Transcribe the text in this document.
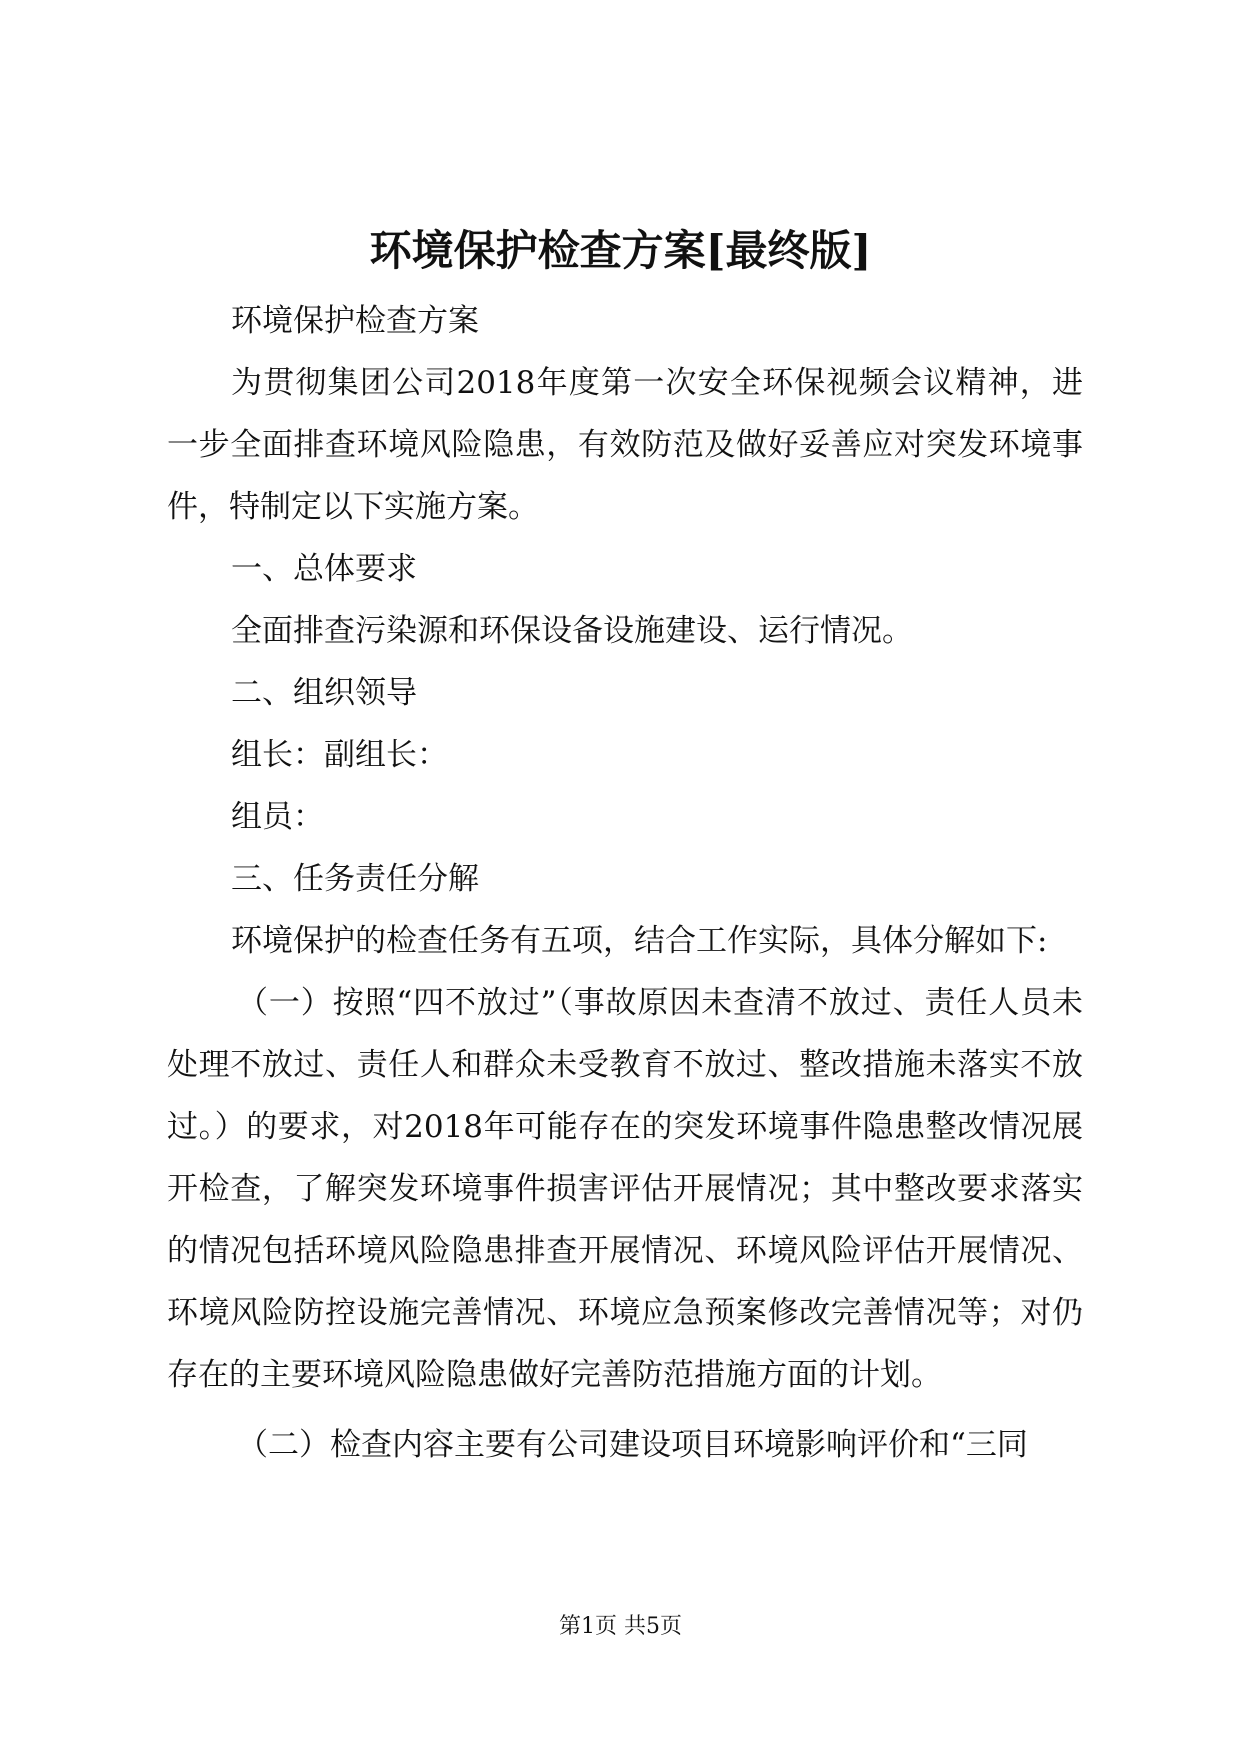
环境保护检查方案[最终版]

环境保护检查方案

为贯彻集团公司2018年度第一次安全环保视频会议精神，进一步全面排查环境风险隐患，有效防范及做好妥善应对突发环境事件，特制定以下实施方案。

一、总体要求

全面排查污染源和环保设备设施建设、运行情况。

二、组织领导

组长：副组长：

组员：

三、任务责任分解

环境保护的检查任务有五项，结合工作实际，具体分解如下:

（一）按照“四不放过”（事故原因未查清不放过、责任人员未处理不放过、责任人和群众未受教育不放过、整改措施未落实不放过。）的要求，对2018年可能存在的突发环境事件隐患整改情况展开检查，了解突发环境事件损害评估开展情况；其中整改要求落实的情况包括环境风险隐患排查开展情况、环境风险评估开展情况、环境风险防控设施完善情况、环境应急预案修改完善情况等；对仍存在的主要环境风险隐患做好完善防范措施方面的计划。

（二）检查内容主要有公司建设项目环境影响评价和“三同

第1页 共5页
